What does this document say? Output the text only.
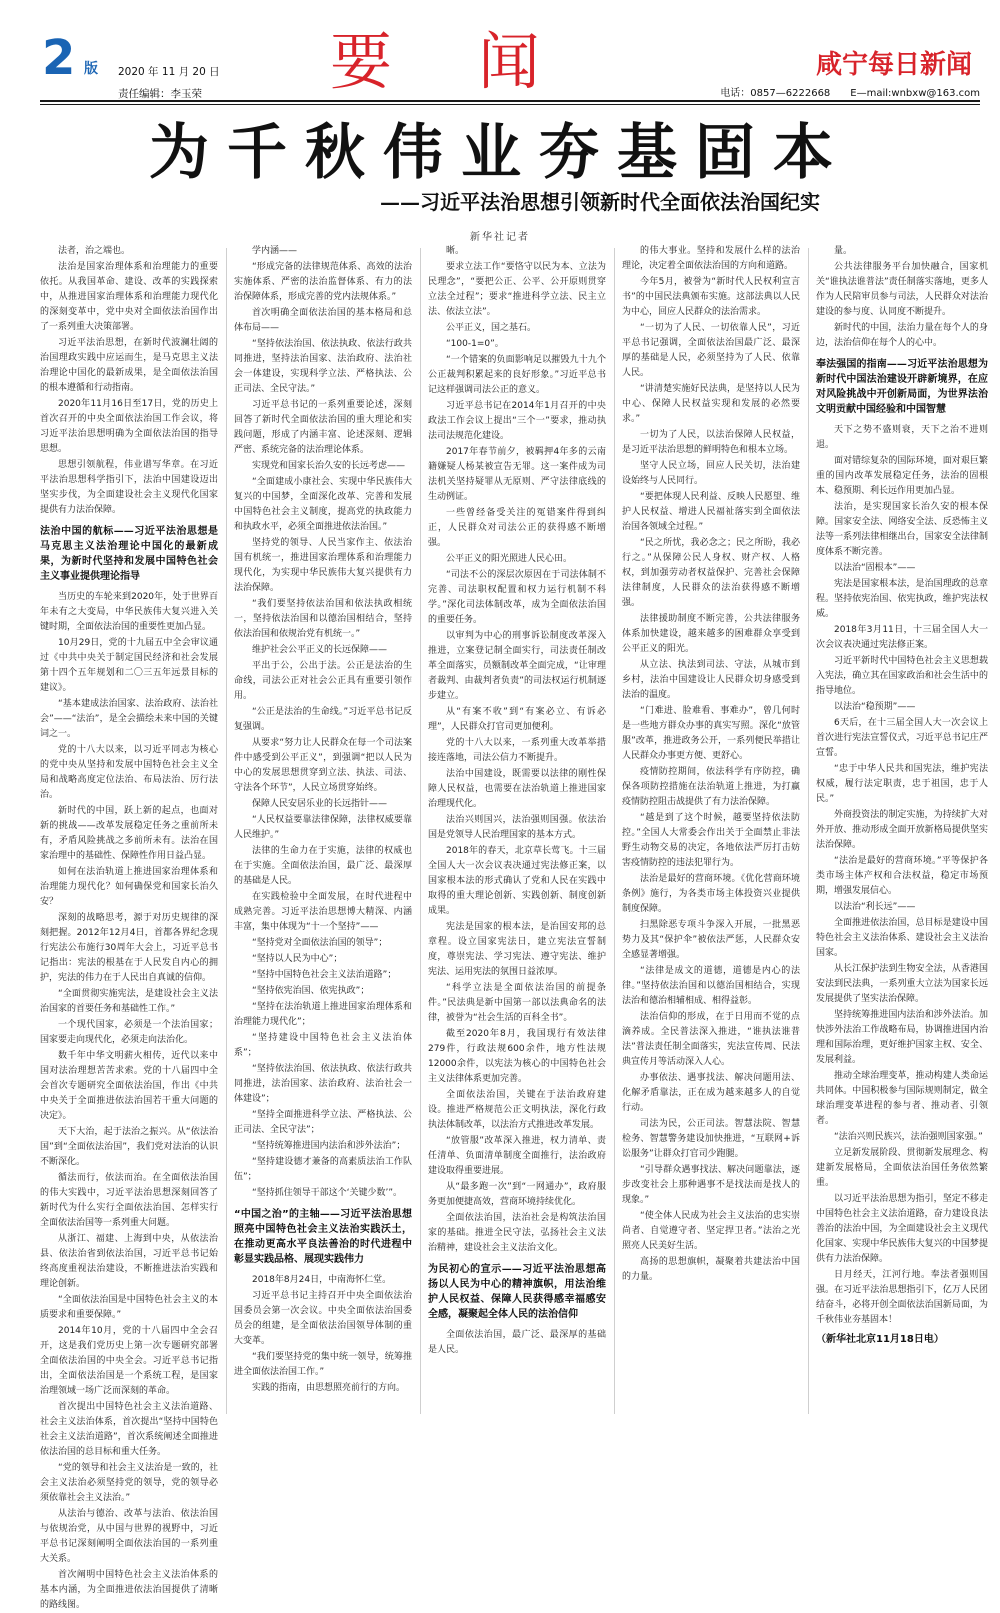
2 版 2020 年 11 月 20 日
责任编辑：李玉荣 要闻	咸宁每日新闻
电话：0857—6222668　　E—mail:wnbxw@163.com
为千秋伟业夯基固本
——习近平法治思想引领新时代全面依法治国纪实
新华社记者

法者，治之端也。

法治是国家治理体系和治理能力的重要依托。从我国革命、建设、改革的实践探索中，从推进国家治理体系和治理能力现代化的深刻变革中，党中央对全面依法治国作出了一系列重大决策部署。

习近平法治思想，在新时代波澜壮阔的治国理政实践中应运而生，是马克思主义法治理论中国化的最新成果，是全面依法治国的根本遵循和行动指南。

2020年11月16日至17日，党的历史上首次召开的中央全面依法治国工作会议，将习近平法治思想明确为全面依法治国的指导思想。

思想引领航程，伟业谱写华章。在习近平法治思想科学指引下，法治中国建设迈出坚实步伐，为全面建设社会主义现代化国家提供有力法治保障。

法治中国的航标——习近平法治思想是马克思主义法治理论中国化的最新成果，为新时代坚持和发展中国特色社会主义事业提供理论指导

当历史的车轮来到2020年，处于世界百年未有之大变局，中华民族伟大复兴进入关键时期，全面依法治国的重要性更加凸显。

10月29日，党的十九届五中全会审议通过《中共中央关于制定国民经济和社会发展第十四个五年规划和二〇三五年远景目标的建议》。

“基本建成法治国家、法治政府、法治社会”——“法治”，是全会描绘未来中国的关键词之一。

党的十八大以来，以习近平同志为核心的党中央从坚持和发展中国特色社会主义全局和战略高度定位法治、布局法治、厉行法治。

新时代的中国，跃上新的起点，也面对新的挑战——改革发展稳定任务之重前所未有，矛盾风险挑战之多前所未有。法治在国家治理中的基础性、保障性作用日益凸显。

如何在法治轨道上推进国家治理体系和治理能力现代化？如何确保党和国家长治久安？

深刻的战略思考，源于对历史规律的深刻把握。2012年12月4日，首都各界纪念现行宪法公布施行30周年大会上，习近平总书记指出：宪法的根基在于人民发自内心的拥护，宪法的伟力在于人民出自真诚的信仰。

“全面贯彻实施宪法，是建设社会主义法治国家的首要任务和基础性工作。”

一个现代国家，必须是一个法治国家；国家要走向现代化，必须走向法治化。

数千年中华文明薪火相传，近代以来中国对法治理想苦苦求索。党的十八届四中全会首次专题研究全面依法治国，作出《中共中央关于全面推进依法治国若干重大问题的决定》。

天下大治，起于法治之振兴。从“依法治国”到“全面依法治国”，我们党对法治的认识不断深化。

循法而行，依法而治。在全面依法治国的伟大实践中，习近平法治思想深刻回答了新时代为什么实行全面依法治国、怎样实行全面依法治国等一系列重大问题。

从浙江、福建、上海到中央，从依法治县、依法治省到依法治国，习近平总书记始终高度重视法治建设，不断推进法治实践和理论创新。

“全面依法治国是中国特色社会主义的本质要求和重要保障。”

2014年10月，党的十八届四中全会召开，这是我们党历史上第一次专题研究部署全面依法治国的中央全会。习近平总书记指出，全面依法治国是一个系统工程，是国家治理领域一场广泛而深刻的革命。

首次提出中国特色社会主义法治道路、社会主义法治体系，首次提出“坚持中国特色社会主义法治道路”，首次系统阐述全面推进依法治国的总目标和重大任务。

“党的领导和社会主义法治是一致的，社会主义法治必须坚持党的领导，党的领导必须依靠社会主义法治。”

从法治与德治、改革与法治、依法治国与依规治党，从中国与世界的视野中，习近平总书记深刻阐明全面依法治国的一系列重大关系。

首次阐明中国特色社会主义法治体系的基本内涵，为全面推进依法治国提供了清晰的路线图。

学内涵——

“形成完备的法律规范体系、高效的法治实施体系、严密的法治监督体系、有力的法治保障体系，形成完善的党内法规体系。”

首次明确全面依法治国的基本格局和总体布局——

“坚持依法治国、依法执政、依法行政共同推进，坚持法治国家、法治政府、法治社会一体建设，实现科学立法、严格执法、公正司法、全民守法。”

习近平总书记的一系列重要论述，深刻回答了新时代全面依法治国的重大理论和实践问题，形成了内涵丰富、论述深刻、逻辑严密、系统完备的法治理论体系。

实现党和国家长治久安的长远考虑——

“全面建成小康社会、实现中华民族伟大复兴的中国梦，全面深化改革、完善和发展中国特色社会主义制度，提高党的执政能力和执政水平，必须全面推进依法治国。”

坚持党的领导、人民当家作主、依法治国有机统一，推进国家治理体系和治理能力现代化，为实现中华民族伟大复兴提供有力法治保障。

“我们要坚持依法治国和依法执政相统一，坚持依法治国和以德治国相结合，坚持依法治国和依规治党有机统一。”

维护社会公平正义的长远保障——

平出于公，公出于法。公正是法治的生命线，司法公正对社会公正具有重要引领作用。

“公正是法治的生命线。”习近平总书记反复强调。

从要求“努力让人民群众在每一个司法案件中感受到公平正义”，到强调“把以人民为中心的发展思想贯穿到立法、执法、司法、守法各个环节”，人民立场贯穿始终。

保障人民安居乐业的长远指针——

“人民权益要靠法律保障，法律权威要靠人民维护。”

法律的生命力在于实施，法律的权威也在于实施。全面依法治国，最广泛、最深厚的基础是人民。

在实践检验中全面发展，在时代进程中成熟完善。习近平法治思想博大精深、内涵丰富，集中体现为“十一个坚持”——

“坚持党对全面依法治国的领导”；

“坚持以人民为中心”；

“坚持中国特色社会主义法治道路”；

“坚持依宪治国、依宪执政”；

“坚持在法治轨道上推进国家治理体系和治理能力现代化”；

“坚持建设中国特色社会主义法治体系”；

“坚持依法治国、依法执政、依法行政共同推进，法治国家、法治政府、法治社会一体建设”；

“坚持全面推进科学立法、严格执法、公正司法、全民守法”；

“坚持统筹推进国内法治和涉外法治”；

“坚持建设德才兼备的高素质法治工作队伍”；

“坚持抓住领导干部这个‘关键少数’”。

“中国之治”的主轴——习近平法治思想照亮中国特色社会主义法治实践沃土，在推动更高水平良法善治的时代进程中彰显实践品格、展现实践伟力

2018年8月24日，中南海怀仁堂。

习近平总书记主持召开中央全面依法治国委员会第一次会议。中央全面依法治国委员会的组建，是全面依法治国领导体制的重大变革。

“我们要坚持党的集中统一领导，统筹推进全面依法治国工作。”

实践的指南，由思想照亮前行的方向。

晰。

要求立法工作“要恪守以民为本、立法为民理念”，“要把公正、公平、公开原则贯穿立法全过程”；要求“推进科学立法、民主立法、依法立法”。

公平正义，国之基石。

“100-1=0”。

“一个错案的负面影响足以摧毁九十九个公正裁判积累起来的良好形象。”习近平总书记这样强调司法公正的意义。

习近平总书记在2014年1月召开的中央政法工作会议上提出“三个一”要求，推动执法司法规范化建设。

2017年春节前夕，被羁押4年多的云南籍嫌疑人杨某被宣告无罪。这一案件成为司法机关坚持疑罪从无原则、严守法律底线的生动例证。

一些曾经备受关注的冤错案件得到纠正，人民群众对司法公正的获得感不断增强。

公平正义的阳光照进人民心田。

“司法不公的深层次原因在于司法体制不完善、司法职权配置和权力运行机制不科学。”深化司法体制改革，成为全面依法治国的重要任务。

以审判为中心的刑事诉讼制度改革深入推进，立案登记制全面实行，司法责任制改革全面落实，员额制改革全面完成，“让审理者裁判、由裁判者负责”的司法权运行机制逐步建立。

从“有案不收”到“有案必立、有诉必理”，人民群众打官司更加便利。

党的十八大以来，一系列重大改革举措接连落地，司法公信力不断提升。

法治中国建设，既需要以法律的刚性保障人民权益，也需要在法治轨道上推进国家治理现代化。

法治兴则国兴，法治强则国强。依法治国是党领导人民治理国家的基本方式。

2018年的春天，北京草长莺飞。十三届全国人大一次会议表决通过宪法修正案，以国家根本法的形式确认了党和人民在实践中取得的重大理论创新、实践创新、制度创新成果。

宪法是国家的根本法，是治国安邦的总章程。设立国家宪法日，建立宪法宣誓制度，尊崇宪法、学习宪法、遵守宪法、维护宪法、运用宪法的氛围日益浓厚。

“科学立法是全面依法治国的前提条件。”民法典是新中国第一部以法典命名的法律，被誉为“社会生活的百科全书”。

截至2020年8月，我国现行有效法律279件，行政法规600余件，地方性法规12000余件，以宪法为核心的中国特色社会主义法律体系更加完善。

全面依法治国，关键在于法治政府建设。推进严格规范公正文明执法，深化行政执法体制改革，以法治方式推进改革发展。

“放管服”改革深入推进，权力清单、责任清单、负面清单制度全面推行，法治政府建设取得重要进展。

从“最多跑一次”到“一网通办”，政府服务更加便捷高效，营商环境持续优化。

全面依法治国，法治社会是构筑法治国家的基础。推进全民守法，弘扬社会主义法治精神，建设社会主义法治文化。

为民初心的宣示——习近平法治思想高扬以人民为中心的精神旗帜，用法治维护人民权益、保障人民获得感幸福感安全感，凝聚起全体人民的法治信仰

全面依法治国，最广泛、最深厚的基础是人民。

的伟大事业。坚持和发展什么样的法治理论，决定着全面依法治国的方向和道路。

今年5月，被誉为“新时代人民权利宣言书”的中国民法典颁布实施。这部法典以人民为中心，回应人民群众的法治需求。

“一切为了人民、一切依靠人民”，习近平总书记强调，全面依法治国最广泛、最深厚的基础是人民，必须坚持为了人民、依靠人民。

“讲清楚实施好民法典，是坚持以人民为中心、保障人民权益实现和发展的必然要求。”

一切为了人民，以法治保障人民权益，是习近平法治思想的鲜明特色和根本立场。

坚守人民立场，回应人民关切，法治建设始终与人民同行。

“要把体现人民利益、反映人民愿望、维护人民权益、增进人民福祉落实到全面依法治国各领域全过程。”

“民之所忧，我必念之；民之所盼，我必行之。”从保障公民人身权、财产权、人格权，到加强劳动者权益保护、完善社会保障法律制度，人民群众的法治获得感不断增强。

法律援助制度不断完善，公共法律服务体系加快建设，越来越多的困难群众享受到公平正义的阳光。

从立法、执法到司法、守法，从城市到乡村，法治中国建设让人民群众切身感受到法治的温度。

“门难进、脸难看、事难办”，曾几何时是一些地方群众办事的真实写照。深化“放管服”改革，推进政务公开，一系列便民举措让人民群众办事更方便、更舒心。

疫情防控期间，依法科学有序防控，确保各项防控措施在法治轨道上推进，为打赢疫情防控阻击战提供了有力法治保障。

“越是到了这个时候，越要坚持依法防控。”全国人大常委会作出关于全面禁止非法野生动物交易的决定，各地依法严厉打击妨害疫情防控的违法犯罪行为。

法治是最好的营商环境。《优化营商环境条例》施行，为各类市场主体投资兴业提供制度保障。

扫黑除恶专项斗争深入开展，一批黑恶势力及其“保护伞”被依法严惩，人民群众安全感显著增强。

“法律是成文的道德，道德是内心的法律。”坚持依法治国和以德治国相结合，实现法治和德治相辅相成、相得益彰。

法治信仰的形成，在于日用而不觉的点滴养成。全民普法深入推进，“谁执法谁普法”普法责任制全面落实，宪法宣传周、民法典宣传月等活动深入人心。

办事依法、遇事找法、解决问题用法、化解矛盾靠法，正在成为越来越多人的自觉行动。

司法为民，公正司法。智慧法院、智慧检务、智慧警务建设加快推进，“互联网+诉讼服务”让群众打官司少跑腿。

“引导群众遇事找法、解决问题靠法，逐步改变社会上那种遇事不是找法而是找人的现象。”

“使全体人民成为社会主义法治的忠实崇尚者、自觉遵守者、坚定捍卫者。”法治之光照亮人民美好生活。

高扬的思想旗帜，凝聚着共建法治中国的力量。

量。

公共法律服务平台加快融合，国家机关“谁执法谁普法”责任制落实落地，更多人作为人民陪审员参与司法，人民群众对法治建设的参与度、认同度不断提升。

新时代的中国，法治力量在每个人的身边，法治信仰在每个人的心中。

奉法强国的指南——习近平法治思想为新时代中国法治建设开辟新境界，在应对风险挑战中开创新局面，为世界法治文明贡献中国经验和中国智慧

天下之势不盛则衰，天下之治不进则退。

面对错综复杂的国际环境，面对艰巨繁重的国内改革发展稳定任务，法治的固根本、稳预期、利长远作用更加凸显。

法治，是实现国家长治久安的根本保障。国家安全法、网络安全法、反恐怖主义法等一系列法律相继出台，国家安全法律制度体系不断完善。

以法治“固根本”——

宪法是国家根本法，是治国理政的总章程。坚持依宪治国、依宪执政，维护宪法权威。

2018年3月11日，十三届全国人大一次会议表决通过宪法修正案。

习近平新时代中国特色社会主义思想载入宪法，确立其在国家政治和社会生活中的指导地位。

以法治“稳预期”——

6天后，在十三届全国人大一次会议上首次进行宪法宣誓仪式，习近平总书记庄严宣誓。

“忠于中华人民共和国宪法，维护宪法权威，履行法定职责，忠于祖国，忠于人民。”

外商投资法的制定实施，为持续扩大对外开放、推动形成全面开放新格局提供坚实法治保障。

“法治是最好的营商环境。”平等保护各类市场主体产权和合法权益，稳定市场预期，增强发展信心。

以法治“利长远”——

全面推进依法治国，总目标是建设中国特色社会主义法治体系、建设社会主义法治国家。

从长江保护法到生物安全法，从香港国安法到民法典，一系列重大立法为国家长远发展提供了坚实法治保障。

坚持统筹推进国内法治和涉外法治。加快涉外法治工作战略布局，协调推进国内治理和国际治理，更好维护国家主权、安全、发展利益。

推动全球治理变革，推动构建人类命运共同体。中国积极参与国际规则制定，做全球治理变革进程的参与者、推动者、引领者。

“法治兴则民族兴，法治强则国家强。”

立足新发展阶段、贯彻新发展理念、构建新发展格局，全面依法治国任务依然繁重。

以习近平法治思想为指引，坚定不移走中国特色社会主义法治道路，奋力建设良法善治的法治中国，为全面建设社会主义现代化国家、实现中华民族伟大复兴的中国梦提供有力法治保障。

日月经天，江河行地。奉法者强则国强。在习近平法治思想指引下，亿万人民团结奋斗，必将开创全面依法治国新局面，为千秋伟业夯基固本！

（新华社北京11月18日电）
